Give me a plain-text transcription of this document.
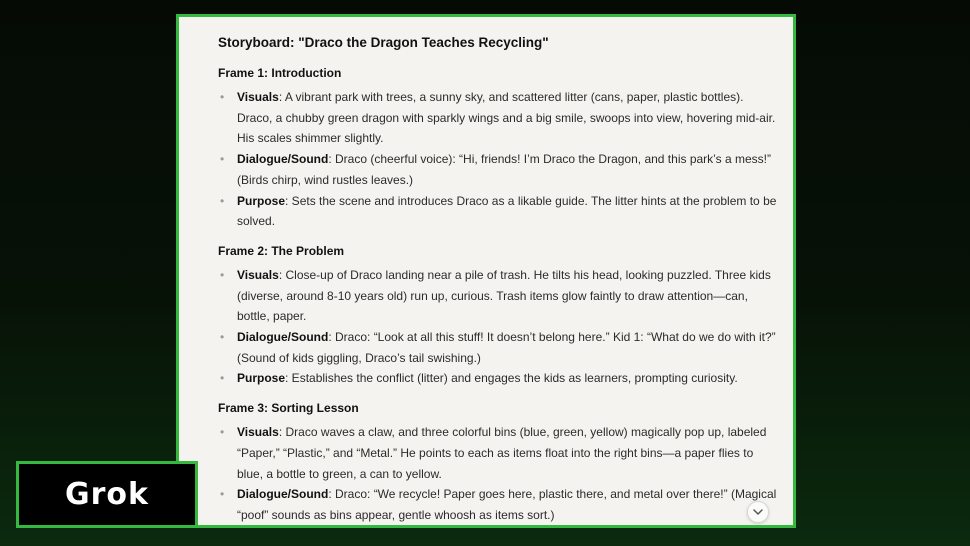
Storyboard: "Draco the Dragon Teaches Recycling"
Frame 1: Introduction
• Visuals: A vibrant park with trees, a sunny sky, and scattered litter (cans, paper, plastic bottles). Draco, a chubby green dragon with sparkly wings and a big smile, swoops into view, hovering mid-air. His scales shimmer slightly.
• Dialogue/Sound: Draco (cheerful voice): “Hi, friends! I’m Draco the Dragon, and this park’s a mess!” (Birds chirp, wind rustles leaves.)
• Purpose: Sets the scene and introduces Draco as a likable guide. The litter hints at the problem to be solved.
Frame 2: The Problem
• Visuals: Close-up of Draco landing near a pile of trash. He tilts his head, looking puzzled. Three kids (diverse, around 8-10 years old) run up, curious. Trash items glow faintly to draw attention—can, bottle, paper.
• Dialogue/Sound: Draco: “Look at all this stuff! It doesn’t belong here.” Kid 1: “What do we do with it?” (Sound of kids giggling, Draco’s tail swishing.)
• Purpose: Establishes the conflict (litter) and engages the kids as learners, prompting curiosity.
Frame 3: Sorting Lesson
• Visuals: Draco waves a claw, and three colorful bins (blue, green, yellow) magically pop up, labeled “Paper,” “Plastic,” and “Metal.” He points to each as items float into the right bins—a paper flies to blue, a bottle to green, a can to yellow.
• Dialogue/Sound: Draco: “We recycle! Paper goes here, plastic there, and metal over there!” (Magical “poof” sounds as bins appear, gentle whoosh as items sort.)
Grok
